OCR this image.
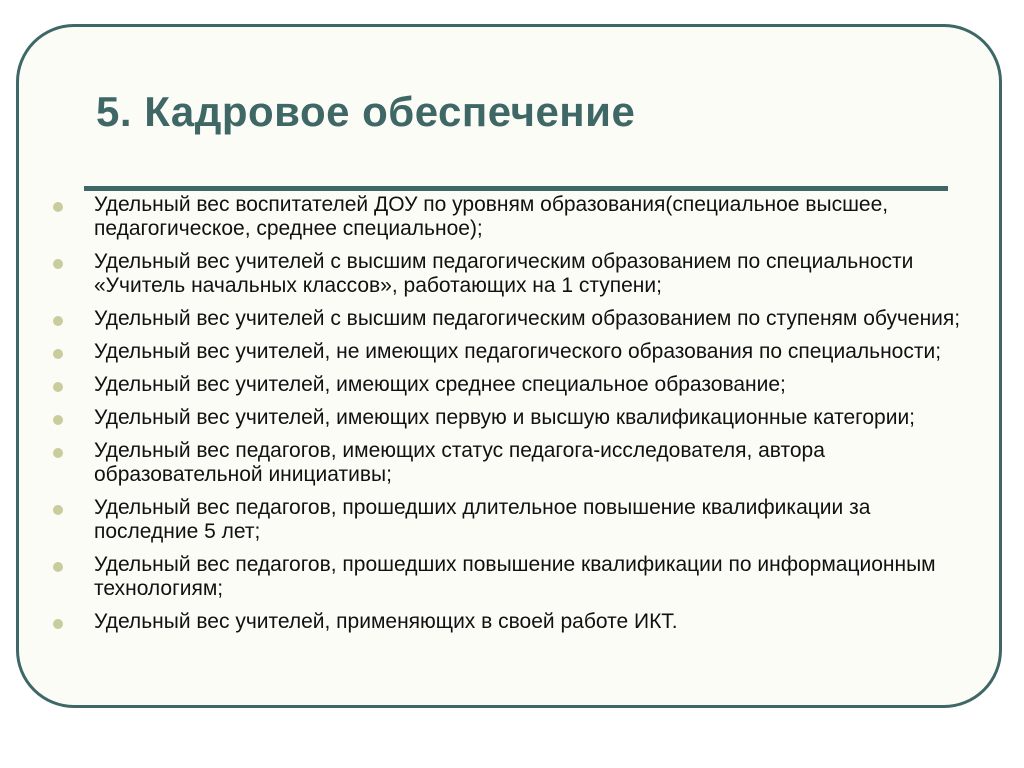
5. Кадровое обеспечение
Удельный вес воспитателей ДОУ по уровням образования(специальное высшее, педагогическое, среднее специальное);
Удельный вес учителей с высшим педагогическим образованием по специальности «Учитель начальных классов», работающих на 1 ступени;
Удельный вес учителей с высшим педагогическим образованием по ступеням обучения;
Удельный вес учителей, не имеющих педагогического образования по специальности;
Удельный вес учителей, имеющих среднее специальное образование;
Удельный вес учителей, имеющих первую и высшую квалификационные категории;
Удельный вес педагогов, имеющих статус педагога-исследователя, автора образовательной инициативы;
Удельный вес педагогов, прошедших длительное повышение квалификации за последние 5 лет;
Удельный вес педагогов, прошедших повышение квалификации по информационным технологиям;
Удельный вес учителей, применяющих в своей работе ИКТ.
